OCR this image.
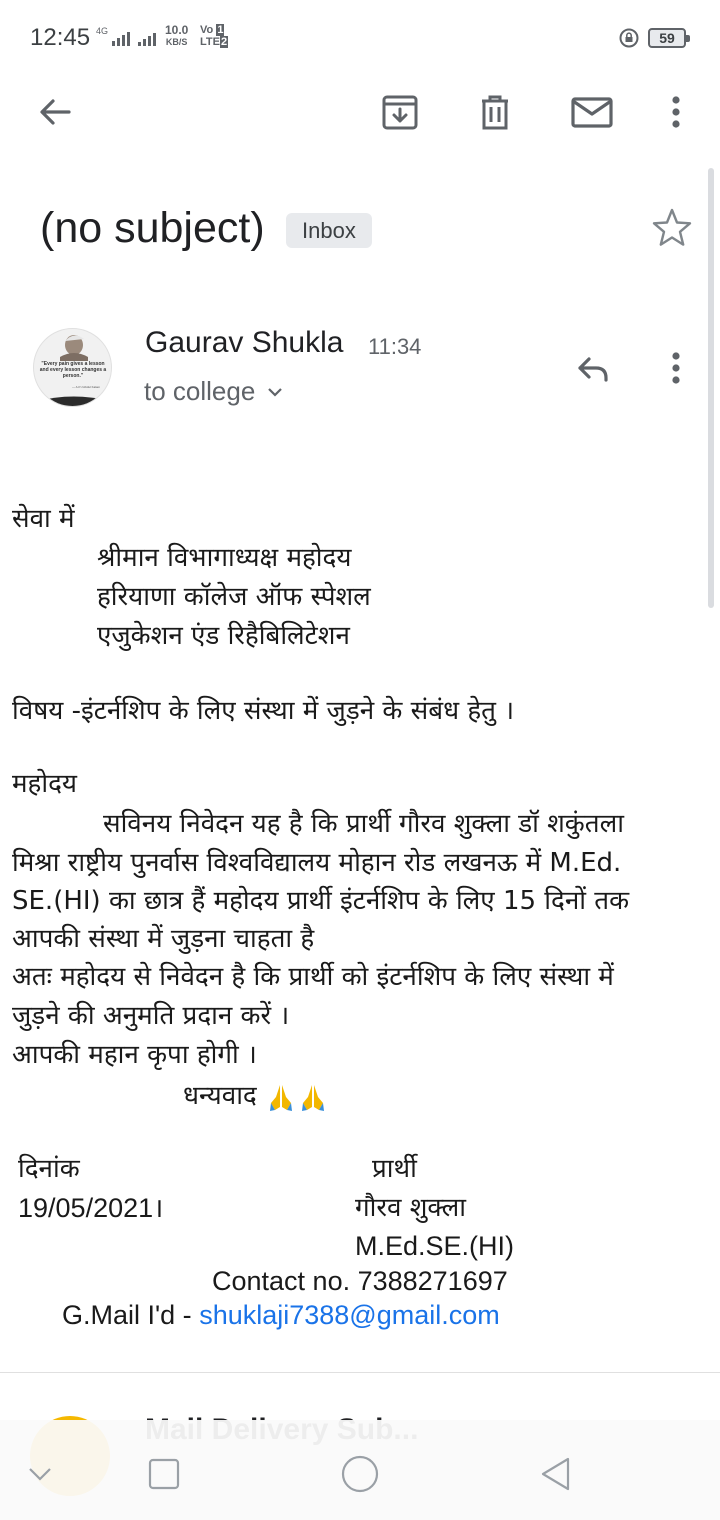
12:45 4G	10.0
KB/S
Vo 1
LTE2	59
(no subject)	Inbox
"Every pain gives a lesson and every lesson changes a person."
— A.P.J Abdul Kalam
Gaurav Shukla 11:34
to college
सेवा में
श्रीमान विभागाध्यक्ष महोदय
हरियाणा कॉलेज ऑफ स्पेशल
एजुकेशन एंड रिहैबिलिटेशन
विषय -इंटर्नशिप के लिए संस्था में जुड़ने के संबंध हेतु ।
महोदय
सविनय निवेदन यह है कि प्रार्थी गौरव शुक्ला डॉ शकुंतला
मिश्रा राष्ट्रीय पुनर्वास विश्वविद्यालय मोहान रोड लखनऊ में M.Ed.
SE.(HI) का छात्र हैं महोदय प्रार्थी इंटर्नशिप के लिए 15 दिनों तक
आपकी संस्था में जुड़ना चाहता है
अतः महोदय से निवेदन है कि प्रार्थी को इंटर्नशिप के लिए संस्था में
जुड़ने की अनुमति प्रदान करें ।
आपकी महान कृपा होगी ।
धन्यवाद
दिनांक	प्रार्थी
19/05/2021।	गौरव शुक्ला
M.Ed.SE.(HI)
Contact no. 7388271697
G.Mail I'd - shuklaji7388@gmail.com
